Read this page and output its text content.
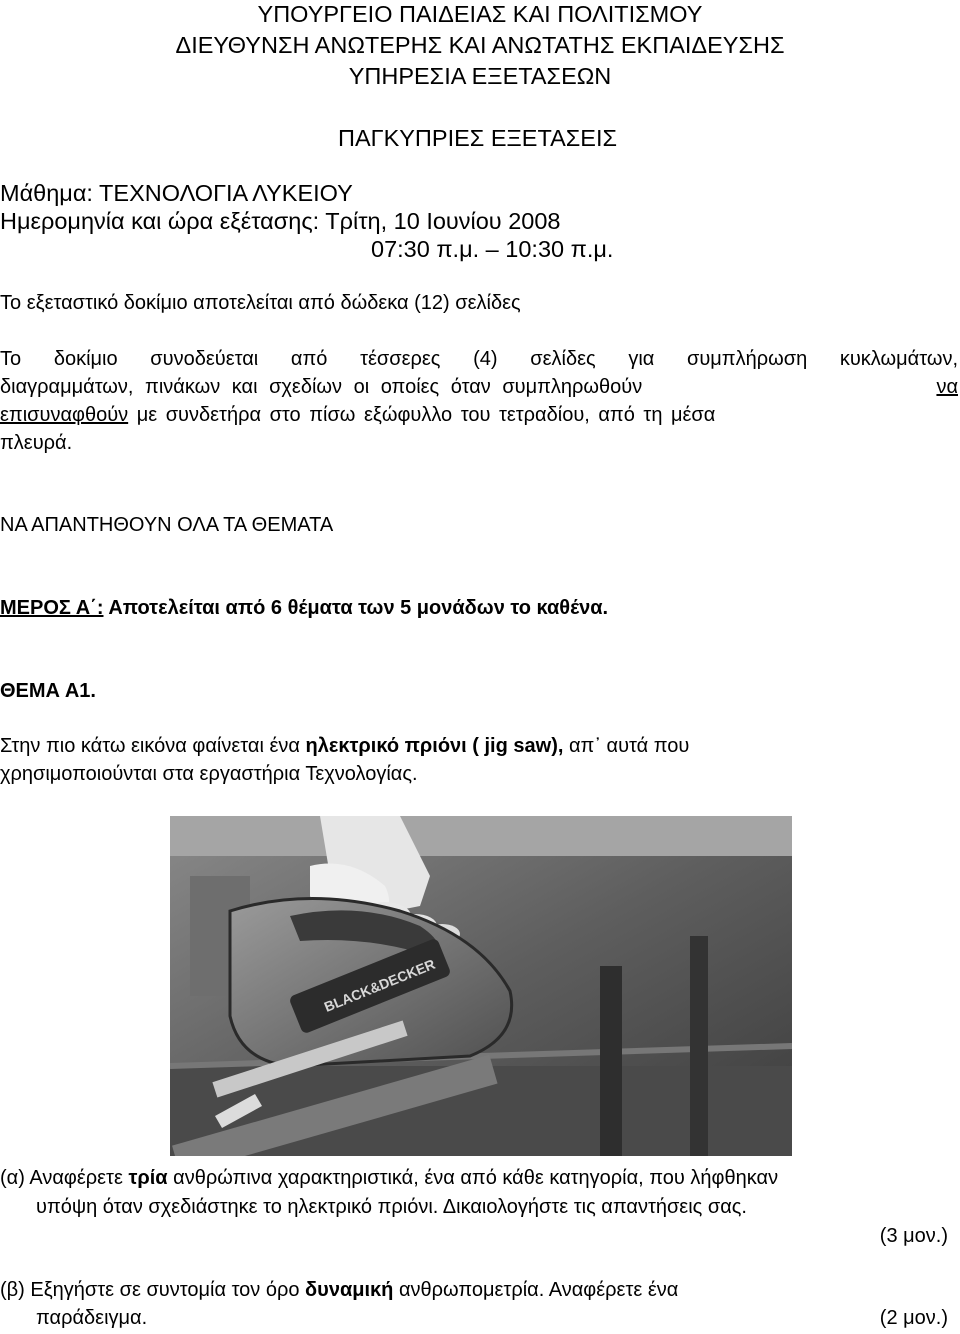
ΥΠΟΥΡΓΕΙΟ ΠΑΙΔΕΙΑΣ ΚΑΙ ΠΟΛΙΤΙΣΜΟΥ
ΔΙΕΥΘΥΝΣΗ ΑΝΩΤΕΡΗΣ ΚΑΙ ΑΝΩΤΑΤΗΣ ΕΚΠΑΙΔΕΥΣΗΣ
ΥΠΗΡΕΣΙΑ ΕΞΕΤΑΣΕΩΝ
ΠΑΓΚΥΠΡΙΕΣ ΕΞΕΤΑΣΕΙΣ
Μάθημα: ΤΕΧΝΟΛΟΓΙΑ ΛΥΚΕΙΟΥ
Ημερομηνία και ώρα εξέτασης: Τρίτη, 10 Ιουνίου 2008
07:30 π.μ. – 10:30 π.μ.
Το εξεταστικό δοκίμιο αποτελείται από δώδεκα (12) σελίδες
Το δοκίμιο συνοδεύεται από τέσσερες (4) σελίδες για συμπλήρωση κυκλωμάτων,
διαγραμμάτων, πινάκων και σχεδίων οι οποίες όταν συμπληρωθούν	να
επισυναφθούν με συνδετήρα στο πίσω εξώφυλλο του τετραδίου, από τη μέσα
πλευρά.
ΝΑ ΑΠΑΝΤΗΘΟΥΝ ΟΛΑ ΤΑ ΘΕΜΑΤΑ
ΜΕΡΟΣ Α΄: Αποτελείται από 6 θέματα των 5 μονάδων το καθένα.
ΘΕΜΑ Α1.
Στην πιο κάτω εικόνα φαίνεται ένα ηλεκτρικό πριόνι ( jig saw), απ᾽ αυτά που
χρησιμοποιούνται στα εργαστήρια Τεχνολογίας.
BLACK&DECKER
(α) Αναφέρετε τρία ανθρώπινα χαρακτηριστικά, ένα από κάθε κατηγορία, που λήφθηκαν
υπόψη όταν σχεδιάστηκε το ηλεκτρικό πριόνι. Δικαιολογήστε τις απαντήσεις σας.
(3 μον.)
(β) Εξηγήστε σε συντομία τον όρο δυναμική ανθρωπομετρία. Αναφέρετε ένα
παράδειγμα.	(2 μον.)
